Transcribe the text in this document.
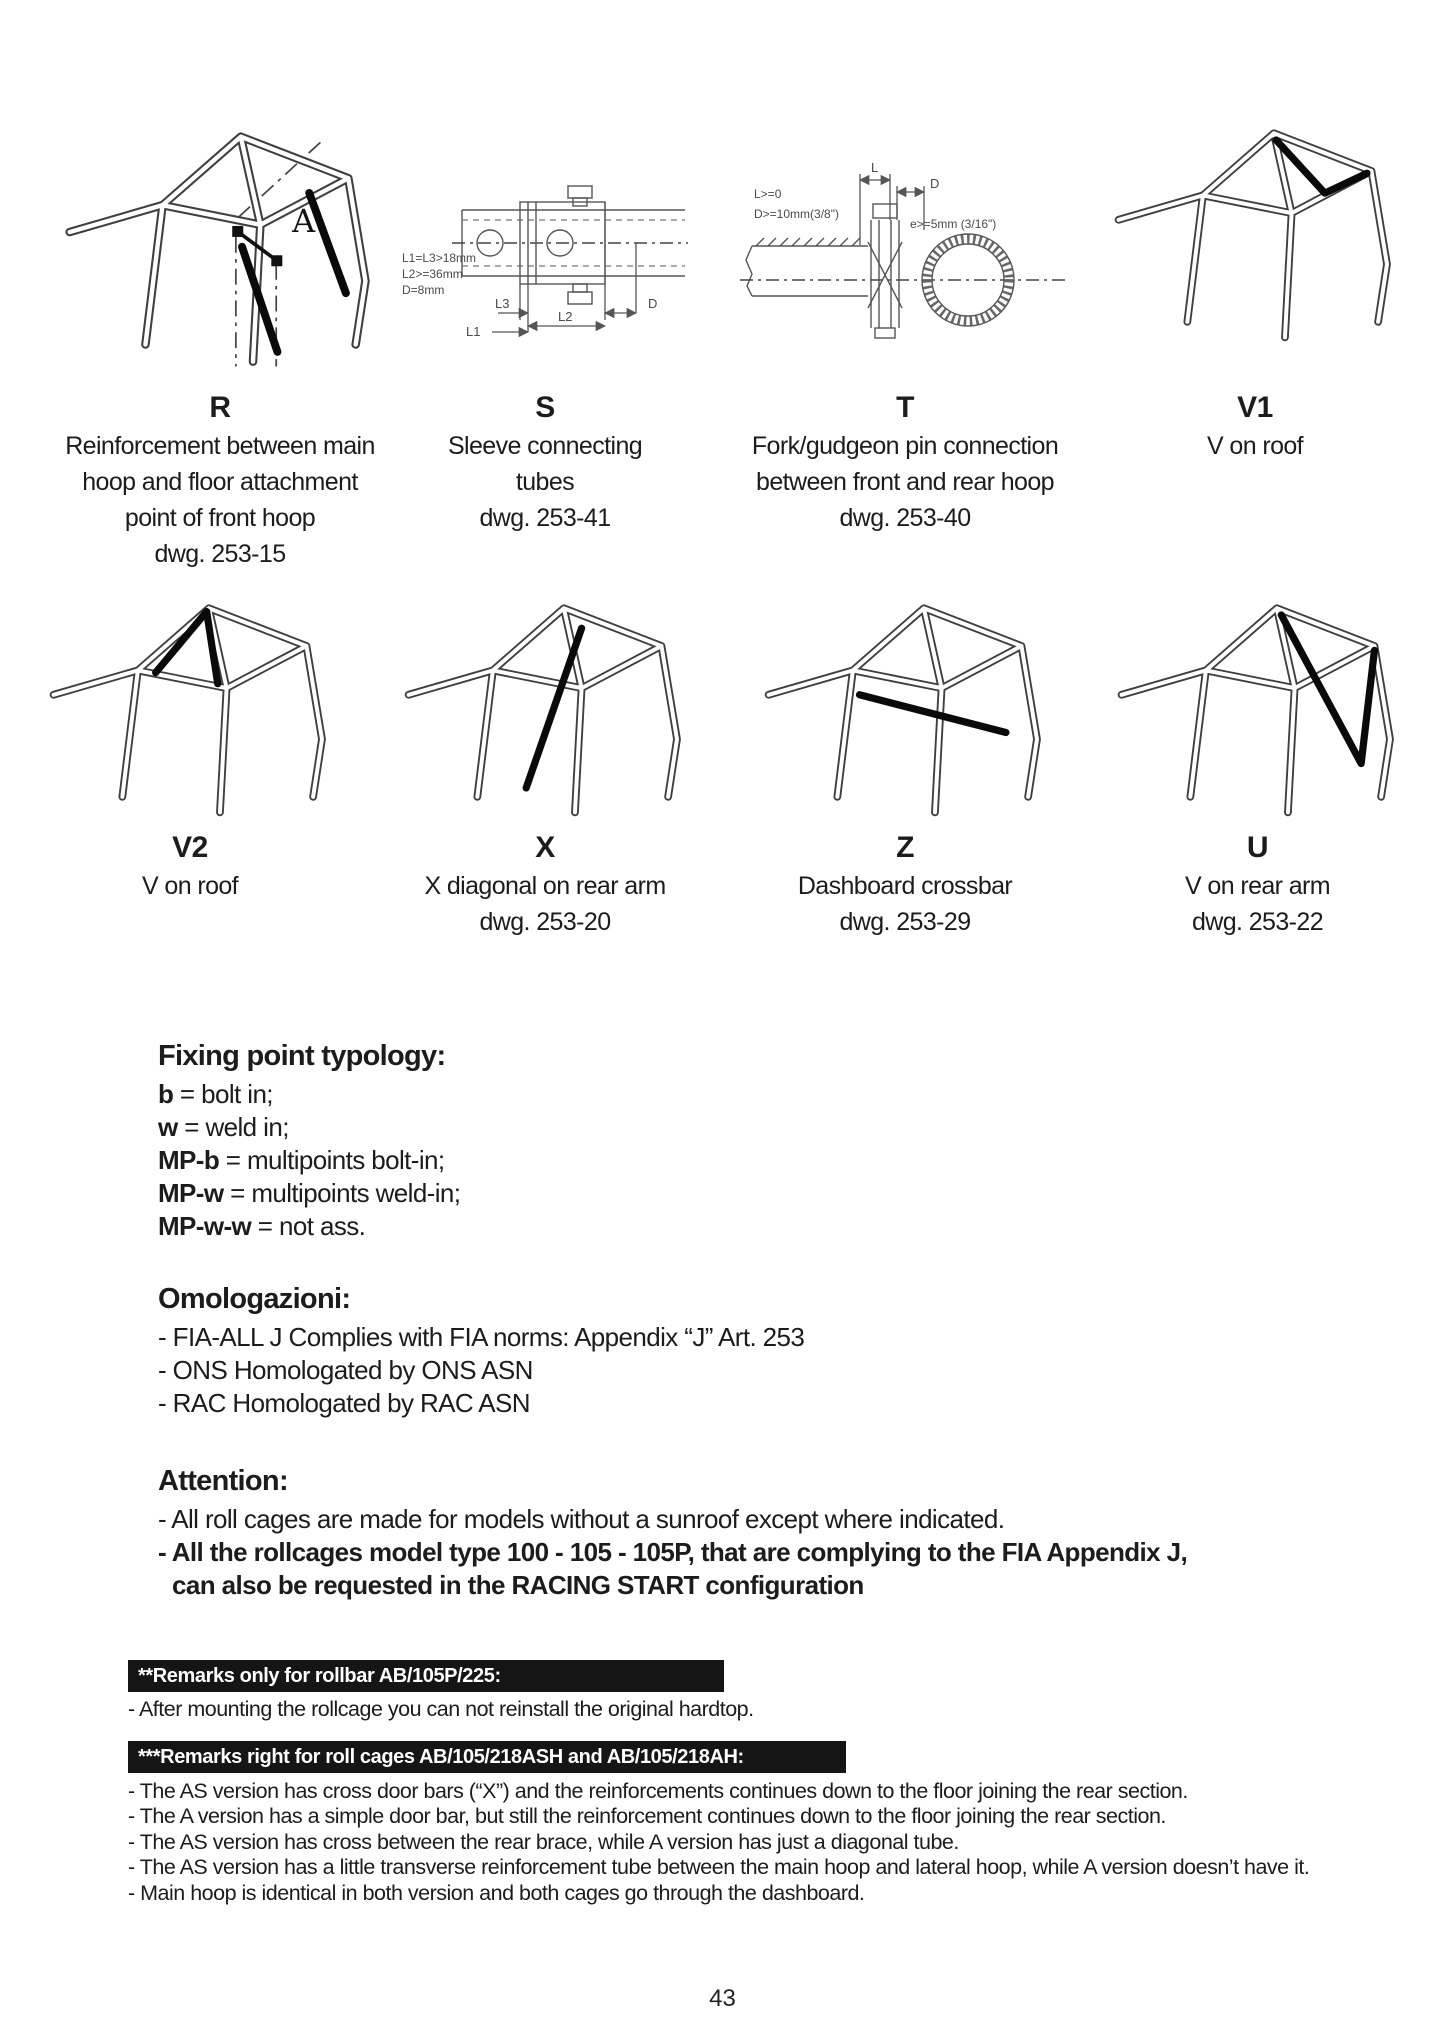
A
R
Reinforcement between main
hoop and floor attachment
point of front hoop
dwg. 253-15
L1=L3>18mm
L2>=36mm
D=8mm
L3	D
L2
L1
S
Sleeve connecting
tubes
dwg. 253-41
L>=0
D>=10mm(3/8")
L
D
e>=5mm (3/16")
T
Fork/gudgeon pin connection
between front and rear hoop
dwg. 253-40
V1
V on roof
V2
V on roof
X
X diagonal on rear arm
dwg. 253-20
Z
Dashboard crossbar
dwg. 253-29
U
V on rear arm
dwg. 253-22
Fixing point typology:
b = bolt in;
w = weld in;
MP-b = multipoints bolt-in;
MP-w = multipoints weld-in;
MP-w-w = not ass.
Omologazioni:
- FIA-ALL J Complies with FIA norms: Appendix “J” Art. 253
- ONS Homologated by ONS ASN
- RAC Homologated by RAC ASN
Attention:
- All roll cages are made for models without a sunroof except where indicated.
- All the rollcages model type 100 - 105 - 105P, that are complying to the FIA Appendix J,
can also be requested in the RACING START configuration
**Remarks only for rollbar AB/105P/225:
- After mounting the rollcage you can not reinstall the original hardtop.
***Remarks right for roll cages AB/105/218ASH and AB/105/218AH:
- The AS version has cross door bars (“X”) and the reinforcements continues down to the floor joining the rear section.
- The A version has a simple door bar, but still the reinforcement continues down to the floor joining the rear section.
- The AS version has cross between the rear brace, while A version has just a diagonal tube.
- The AS version has a little transverse reinforcement tube between the main hoop and lateral hoop, while A version doesn’t have it.
- Main hoop is identical in both version and both cages go through the dashboard.
43
